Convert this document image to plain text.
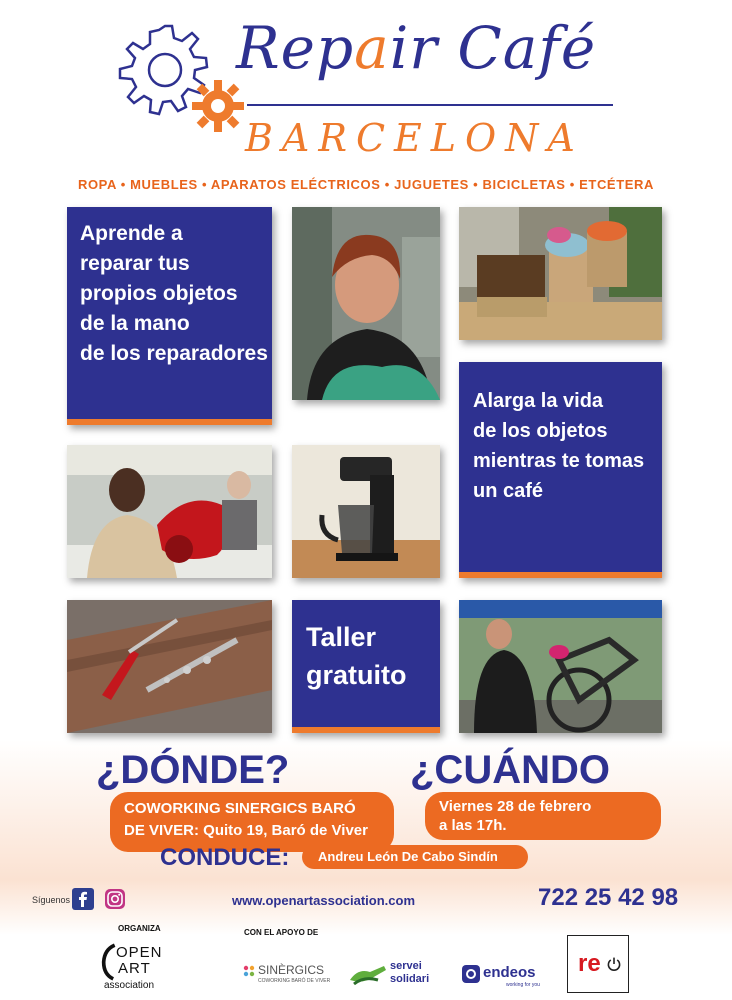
Repair Café
BARCELONA
ROPA • MUEBLES • APARATOS ELÉCTRICOS • JUGUETES • BICICLETAS • ETCÉTERA
Aprende a
reparar tus
propios objetos
de la mano
de los reparadores
Alarga la vida
de los objetos
mientras te tomas
un café
Taller
gratuito
¿DÓNDE?
COWORKING SINERGICS BARÓ
DE VIVER: Quito 19, Baró de Viver
¿CUÁNDO
Viernes 28 de febrero
a las 17h.
CONDUCE:	Andreu León De Cabo Sindín
Síguenos	www.openartassociation.com	722 25 42 98
ORGANIZA	CON EL APOYO DE
OPEN
ART
association
SINÈRGICS
COWORKING BARÓ DE VIVER
servei
solidari	endeos
working for you
re
